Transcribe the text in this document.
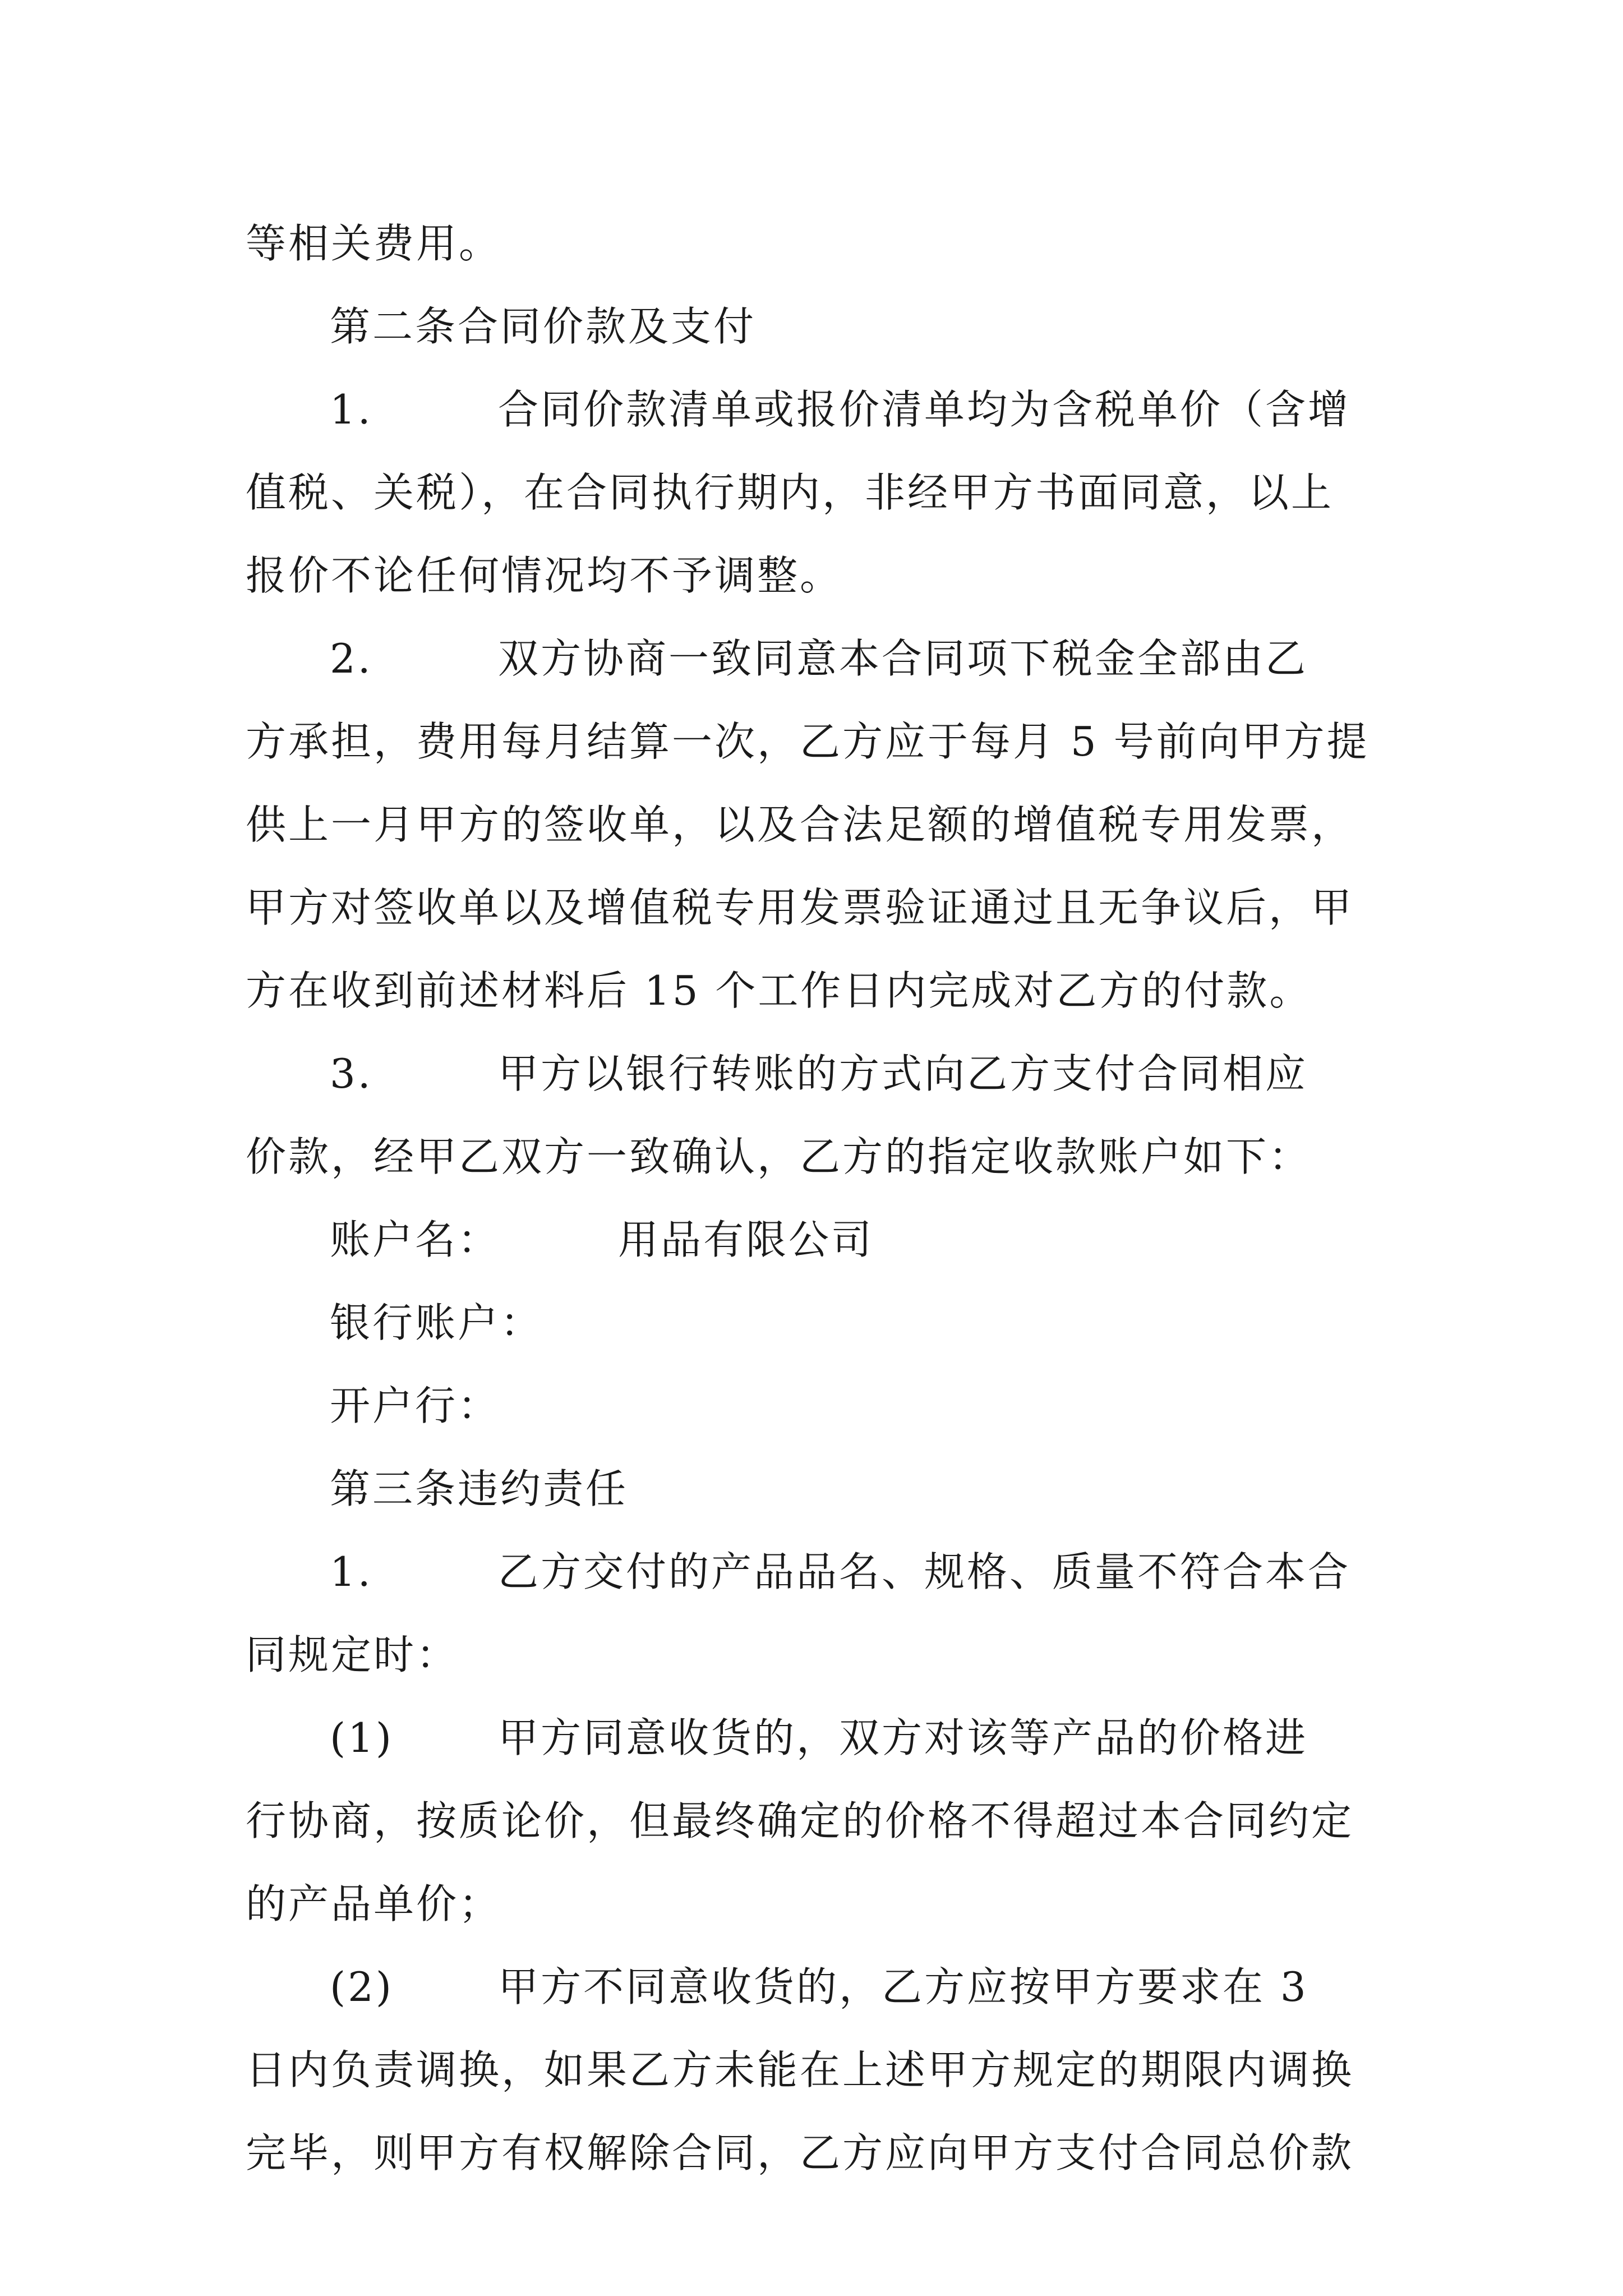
等相关费用。
第二条合同价款及支付
1.	合同价款清单或报价清单均为含税单价（含增
值税、关税），在合同执行期内，非经甲方书面同意，以上
报价不论任何情况均不予调整。
2.	双方协商一致同意本合同项下税金全部由乙
方承担，费用每月结算一次，乙方应于每月 5 号前向甲方提
供上一月甲方的签收单，以及合法足额的增值税专用发票，
甲方对签收单以及增值税专用发票验证通过且无争议后，甲
方在收到前述材料后 15 个工作日内完成对乙方的付款。
3.	甲方以银行转账的方式向乙方支付合同相应
价款，经甲乙双方一致确认，乙方的指定收款账户如下：
账户名：	用品有限公司
银行账户：
开户行：
第三条违约责任
1.	乙方交付的产品品名、规格、质量不符合本合
同规定时：
(1)	甲方同意收货的，双方对该等产品的价格进
行协商，按质论价，但最终确定的价格不得超过本合同约定
的产品单价；
(2)	甲方不同意收货的，乙方应按甲方要求在 3
日内负责调换，如果乙方未能在上述甲方规定的期限内调换
完毕，则甲方有权解除合同，乙方应向甲方支付合同总价款
